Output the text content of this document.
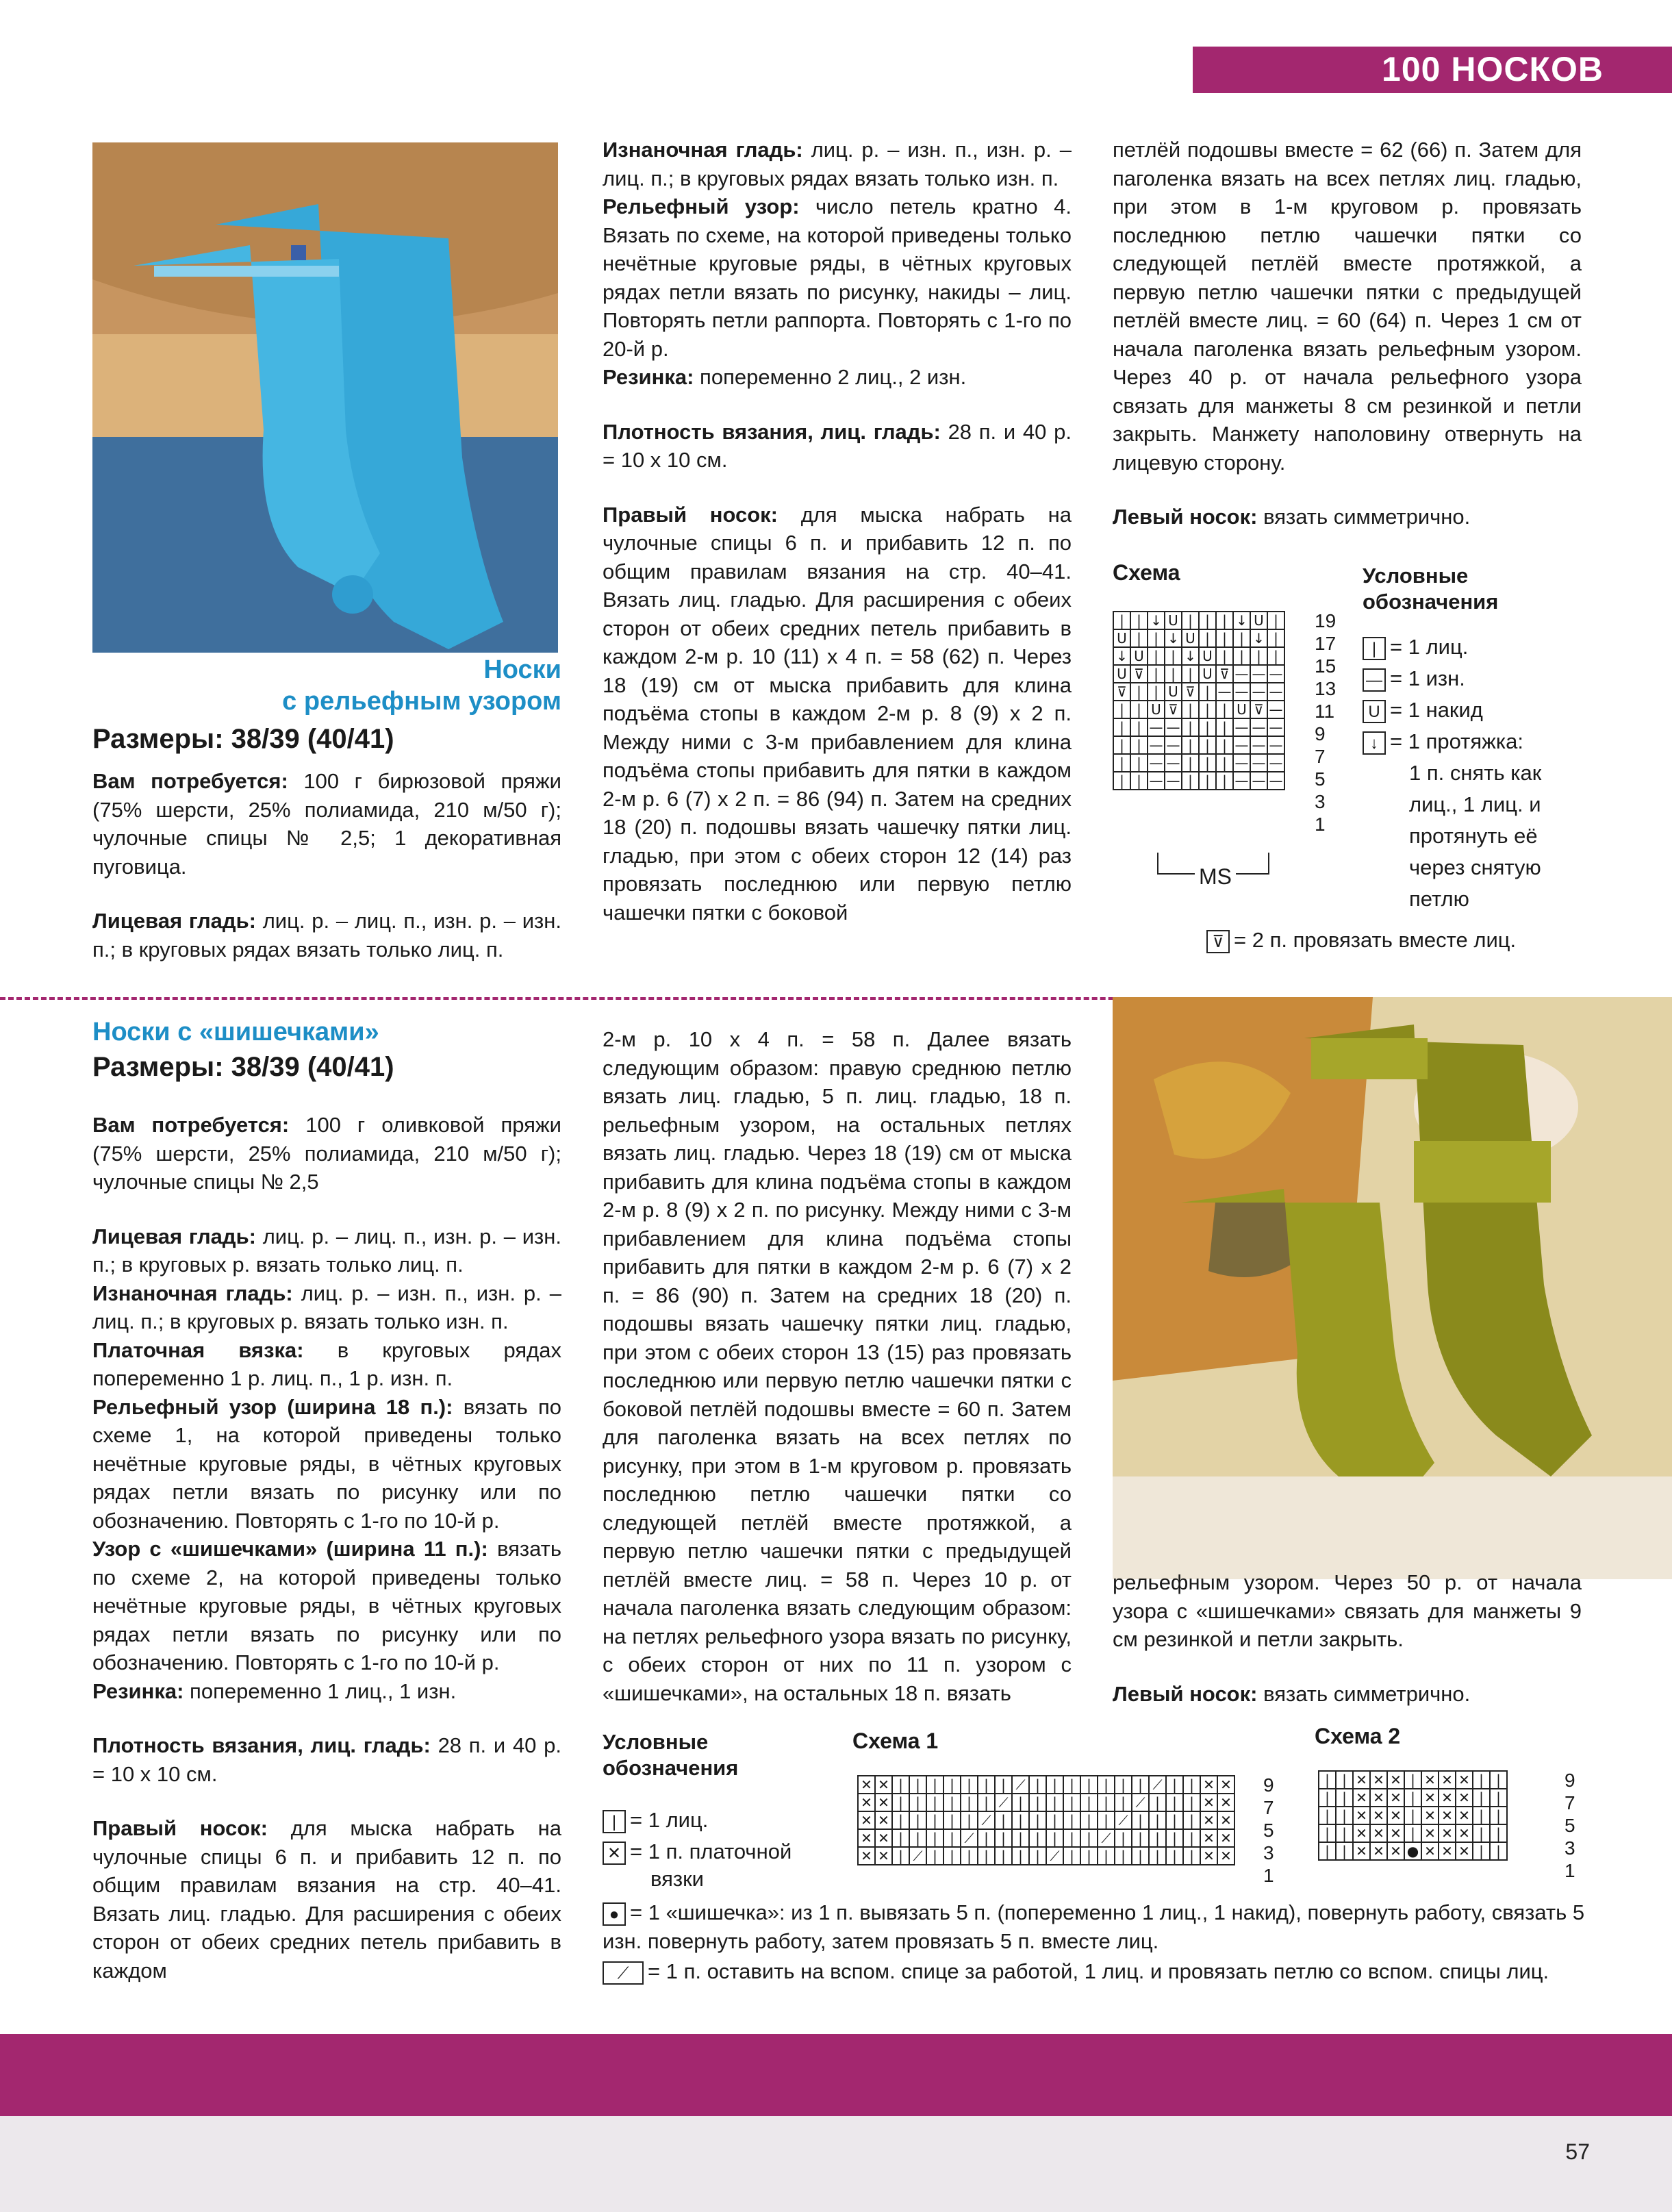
100 НОСКОВ
57
Носки
с рельефным узором
Размеры: 38/39 (40/41)

Вам потребуется: 100 г бирюзовой пряжи (75% шерсти, 25% полиамида, 210 м/50 г); чулочные спицы № 2,5; 1 декоративная пуговица.

Лицевая гладь: лиц. р. – лиц. п., изн. р. – изн. п.; в круговых рядах вязать только лиц. п.

Изнаночная гладь: лиц. р. – изн. п., изн. р. – лиц. п.; в круговых рядах вязать только изн. п.

Рельефный узор: число петель кратно 4. Вязать по схеме, на которой приведены только нечётные круговые ряды, в чётных круговых рядах петли вязать по рисунку, накиды – лиц. Повторять петли раппорта. Повторять с 1-го по 20-й р.

Резинка: попеременно 2 лиц., 2 изн.

Плотность вязания, лиц. гладь: 28 п. и 40 р. = 10 х 10 см.

Правый носок: для мыска набрать на чулочные спицы 6 п. и прибавить 12 п. по общим правилам вязания на стр. 40–41. Вязать лиц. гладью. Для расширения с обеих сторон от обеих средних петель прибавить в каждом 2-м р. 10 (11) х 4 п. = 58 (62) п. Через 18 (19) см от мыска прибавить для клина подъёма стопы в каждом 2-м р. 8 (9) х 2 п. Между ними с 3-м прибавлением для клина подъёма стопы прибавить для пятки в каждом 2-м р. 6 (7) х 2 п. = 86 (94) п. Затем на средних 18 (20) п. подошвы вязать чашечку пятки лиц. гладью, при этом с обеих сторон 12 (14) раз провязать последнюю или первую петлю чашечки пятки с боковой

петлёй подошвы вместе = 62 (66) п. Затем для паголенка вязать на всех петлях лиц. гладью, при этом в 1-м круговом р. провязать последнюю петлю чашечки пятки со следующей петлёй вместе протяжкой, а первую петлю чашечки пятки с предыдущей петлёй вместе лиц. = 60 (64) п. Через 1 см от начала паголенка вязать рельефным узором. Через 40 р. от начала рельефного узора связать для манжеты 8 см резинкой и петли закрыть. Манжету наполовину отвернуть на лицевую сторону.

Левый носок: вязать симметрично.

Схема
|	|	↓	U	|	|	|	↓	U	|
U	|	|	↓	U	|	|	|	↓	|
↓	U	|	|	↓	U	|	|	|	|
U	⊽	|	|	|	U	⊽	—	—	—
⊽	|	|	U	⊽	|	—	—	—	—
|	|	U	⊽	|	|	|	U	⊽	—
|	|	—	—	|	|	|	—	—	—
|	|	—	—	|	|	|	—	—	—
|	|	—	—	|	|	|	—	—	—
|	|	—	—	|	|	|	—	—	—
19
17
15
13
11
9
7
5
3
1
MS
Условные обозначения
| = 1 лиц.
— = 1 изн.
U = 1 накид
↓ = 1 протяжка:
1 п. снять как
лиц., 1 лиц. и
протянуть её
через снятую
петлю
⊽ = 2 п. провязать вместе лиц.
Носки с «шишечками»
Размеры: 38/39 (40/41)

Вам потребуется: 100 г оливковой пряжи (75% шерсти, 25% полиамида, 210 м/50 г); чулочные спицы № 2,5

Лицевая гладь: лиц. р. – лиц. п., изн. р. – изн. п.; в круговых р. вязать только лиц. п.

Изнаночная гладь: лиц. р. – изн. п., изн. р. – лиц. п.; в круговых р. вязать только изн. п.

Платочная вязка: в круговых рядах попеременно 1 р. лиц. п., 1 р. изн. п.

Рельефный узор (ширина 18 п.): вязать по схеме 1, на которой приведены только нечётные круговые ряды, в чётных круговых рядах петли вязать по рисунку или по обозначению. Повторять с 1-го по 10-й р.

Узор с «шишечками» (ширина 11 п.): вязать по схеме 2, на которой приведены только нечётные круговые ряды, в чётных круговых рядах петли вязать по рисунку или по обозначению. Повторять с 1-го по 10-й р.

Резинка: попеременно 1 лиц., 1 изн.

Плотность вязания, лиц. гладь: 28 п. и 40 р. = 10 х 10 см.

Правый носок: для мыска набрать на чулочные спицы 6 п. и прибавить 12 п. по общим правилам вязания на стр. 40–41. Вязать лиц. гладью. Для расширения с обеих сторон от обеих средних петель прибавить в каждом

2-м р. 10 х 4 п. = 58 п. Далее вязать следующим образом: правую среднюю петлю вязать лиц. гладью, 5 п. лиц. гладью, 18 п. рельефным узором, на остальных петлях вязать лиц. гладью. Через 18 (19) см от мыска прибавить для клина подъёма стопы в каждом 2-м р. 8 (9) х 2 п. по рисунку. Между ними с 3-м прибавлением для клина подъёма стопы прибавить для пятки в каждом 2-м р. 6 (7) х 2 п. = 86 (90) п. Затем на средних 18 (20) п. подошвы вязать чашечку пятки лиц. гладью, при этом с обеих сторон 13 (15) раз провязать последнюю или первую петлю чашечки пятки с боковой петлёй подошвы вместе = 60 п. Затем для паголенка вязать на всех петлях по рисунку, при этом в 1-м круговом р. провязать последнюю петлю чашечки пятки со следующей петлёй вместе протяжкой, а первую петлю чашечки пятки с предыдущей петлёй вместе лиц. = 58 п. Через 10 р. от начала паголенка вязать следующим образом: на петлях рельефного узора вязать по рисунку, с обеих сторон от них по 11 п. узором с «шишечками», на остальных 18 п. вязать

рельефным узором. Через 50 р. от начала узора с «шишечками» связать для манжеты 9 см резинкой и петли закрыть.

Левый носок: вязать симметрично.

Условные обозначения
| = 1 лиц.
✕ = 1 п. платочной
вязки
● = 1 «шишечка»: из 1 п. вывязать 5 п. (попеременно 1 лиц., 1 накид), повернуть работу, связать 5 изн. повернуть работу, затем провязать 5 п. вместе лиц.
⟋ = 1 п. оставить на вспом. спице за работой, 1 лиц. и провязать петлю со вспом. спицы лиц.
Схема 1
✕	✕	|	|	|	|	|	|	|	⟋	|	|	|	|	|	|	|	⟋	|	|	✕	✕
✕	✕	|	|	|	|	|	|	⟋	|	|	|	|	|	|	|	⟋	|	|	|	✕	✕
✕	✕	|	|	|	|	|	⟋	|	|	|	|	|	|	|	⟋	|	|	|	|	✕	✕
✕	✕	|	|	|	|	⟋	|	|	|	|	|	|	|	⟋	|	|	|	|	|	✕	✕
✕	✕	|	⟋	|	|	|	|	|	|	|	⟋	|	|	|	|	|	|	|	|	✕	✕
9
7
5
3
1
Схема 2
|	|	✕	✕	✕	|	✕	✕	✕	|	|
|	|	✕	✕	✕	|	✕	✕	✕	|	|
|	|	✕	✕	✕	|	✕	✕	✕	|	|
|	|	✕	✕	✕	|	✕	✕	✕	|	|
|	|	✕	✕	✕	●	✕	✕	✕	|	|
9
7
5
3
1
